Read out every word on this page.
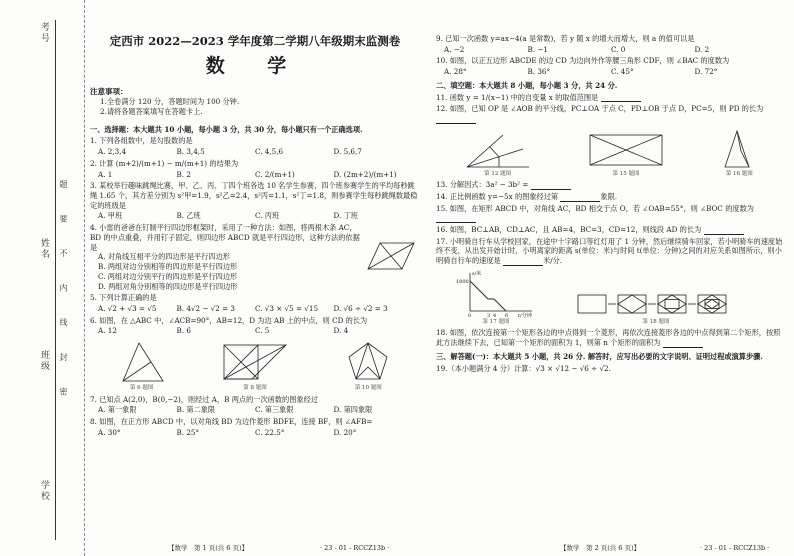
考号
姓名
班级
学校
题 要 不 内 线 封 密
定西市 2022—2023 学年度第二学期八年级期末监测卷
数 学
注意事项：
1.全卷满分 120 分，答题时间为 100 分钟.
2.请将各题答案填写在答题卡上.
一、选择题：本大题共 10 小题，每小题 3 分，共 30 分，每小题只有一个正确选项.
1. 下列各组数中，是勾股数的是
A. 2,3,4	B. 3,4,5	C. 4,5,6	D. 5,6,7
2. 计算 (m+2)/(m+1) − m/(m+1) 的结果为
A. 1	B. 2	C. 2/(m+1)	D. (2m+2)/(m+1)
3. 某校举行趣味跳绳比赛，甲、乙、丙、丁四个班各选 10 名学生参赛，四个班参赛学生的平均每秒跳绳 1.65 个，其方差分别为 s²甲=1.9，s²乙=2.4，s²丙=1.1，s²丁=1.8，则参赛学生每秒跳绳数最稳定的班级是
A. 甲班	B. 乙班	C. 丙班	D. 丁班
4. 小雷的爸爸在钉制平行四边形框架时，采用了一种方法：如图，将两根木条 AC，BD 的中点重叠，并用钉子固定，则四边形 ABCD 就是平行四边形，这种方法的依据是
A. 对角线互相平分的四边形是平行四边形
B. 两组对边分别相等的四边形是平行四边形
C. 两组对边分别平行的四边形是平行四边形
D. 两组对角分别相等的四边形是平行四边形
5. 下列计算正确的是
A. √2 + √3 = √5	B. 4√2 − √2 = 3	C. √3 × √5 = √15	D. √6 ÷ √2 = 3
6. 如图，在 △ABC 中，∠ACB=90°，AB=12，D 为边 AB 上的中点，则 CD 的长为
A. 12	B. 6	C. 5	D. 4
第 6 题图	第 8 题图	第 10 题图
7. 已知点 A(2,0)，B(0,−2)，则经过 A，B 两点的一次函数的图象经过
A. 第一象限	B. 第二象限	C. 第三象限	D. 第四象限
8. 如图，在正方形 ABCD 中，以对角线 BD 为边作菱形 BDFE，连接 BF，则 ∠AFB=
A. 30°	B. 25°	C. 22.5°	D. 20°
【数学　第 1 页(共 6 页)】	· 23 - 01 - RCCZ13b ·
9. 已知一次函数 y=ax−4(a 是常数)，若 y 随 x 的增大而增大，则 a 的值可以是
A. −2	B. −1	C. 0	D. 2
10. 如图，以正五边形 ABCDE 的边 CD 为边向外作等腰三角形 CDF，则 ∠BAC 的度数为
A. 28°	B. 36°	C. 45°	D. 72°
二、填空题：本大题共 8 小题，每小题 3 分，共 24 分.
11. 函数 y = 1/(x−1) 中的自变量 x 的取值范围是
12. 如图，已知 OP 是 ∠AOB 的平分线，PC⊥OA 于点 C，PD⊥OB 于点 D，PC=5，则 PD 的长为
第 12 题图	第 15 题图	第 16 题图
13. 分解因式：3a² − 3b² =
14. 正比例函数 y=−5x 的图象经过第	象限.
15. 如图，在矩形 ABCD 中，对角线 AC，BD 相交于点 O，若 ∠OAB=55°，则 ∠BOC 的度数为
16. 如图，BC⊥AB，CD⊥AC，且 AB=4，BC=3，CD=12，则线段 AD 的长为
17. 小明骑自行车从学校回家，在途中十字路口等红灯用了 1 分钟，然后继续骑车回家，若小明骑车的速度始终不变，从出发开始计时，小明离家的距离 s(单位：米)与时间 t(单位：分钟)之间的对应关系如图所示，则小明骑自行车的速度是	米/分.
s/米
1800
t/分钟
0	3 4 6
第 17 题图	第 18 题图
18. 如图，依次连接第一个矩形各边的中点得到一个菱形，再依次连接菱形各边的中点得到第二个矩形，按照此方法继续下去，已知第一个矩形的面积为 1，则第 n 个矩形的面积为
三、解答题(一)：本大题共 5 小题，共 26 分. 解答时，应写出必要的文字说明、证明过程或演算步骤.
19.（本小题满分 4 分）计算：√3 × √12 − √6 ÷ √2.
【数学　第 2 页(共 6 页)】	· 23 - 01 - RCCZ13b ·
